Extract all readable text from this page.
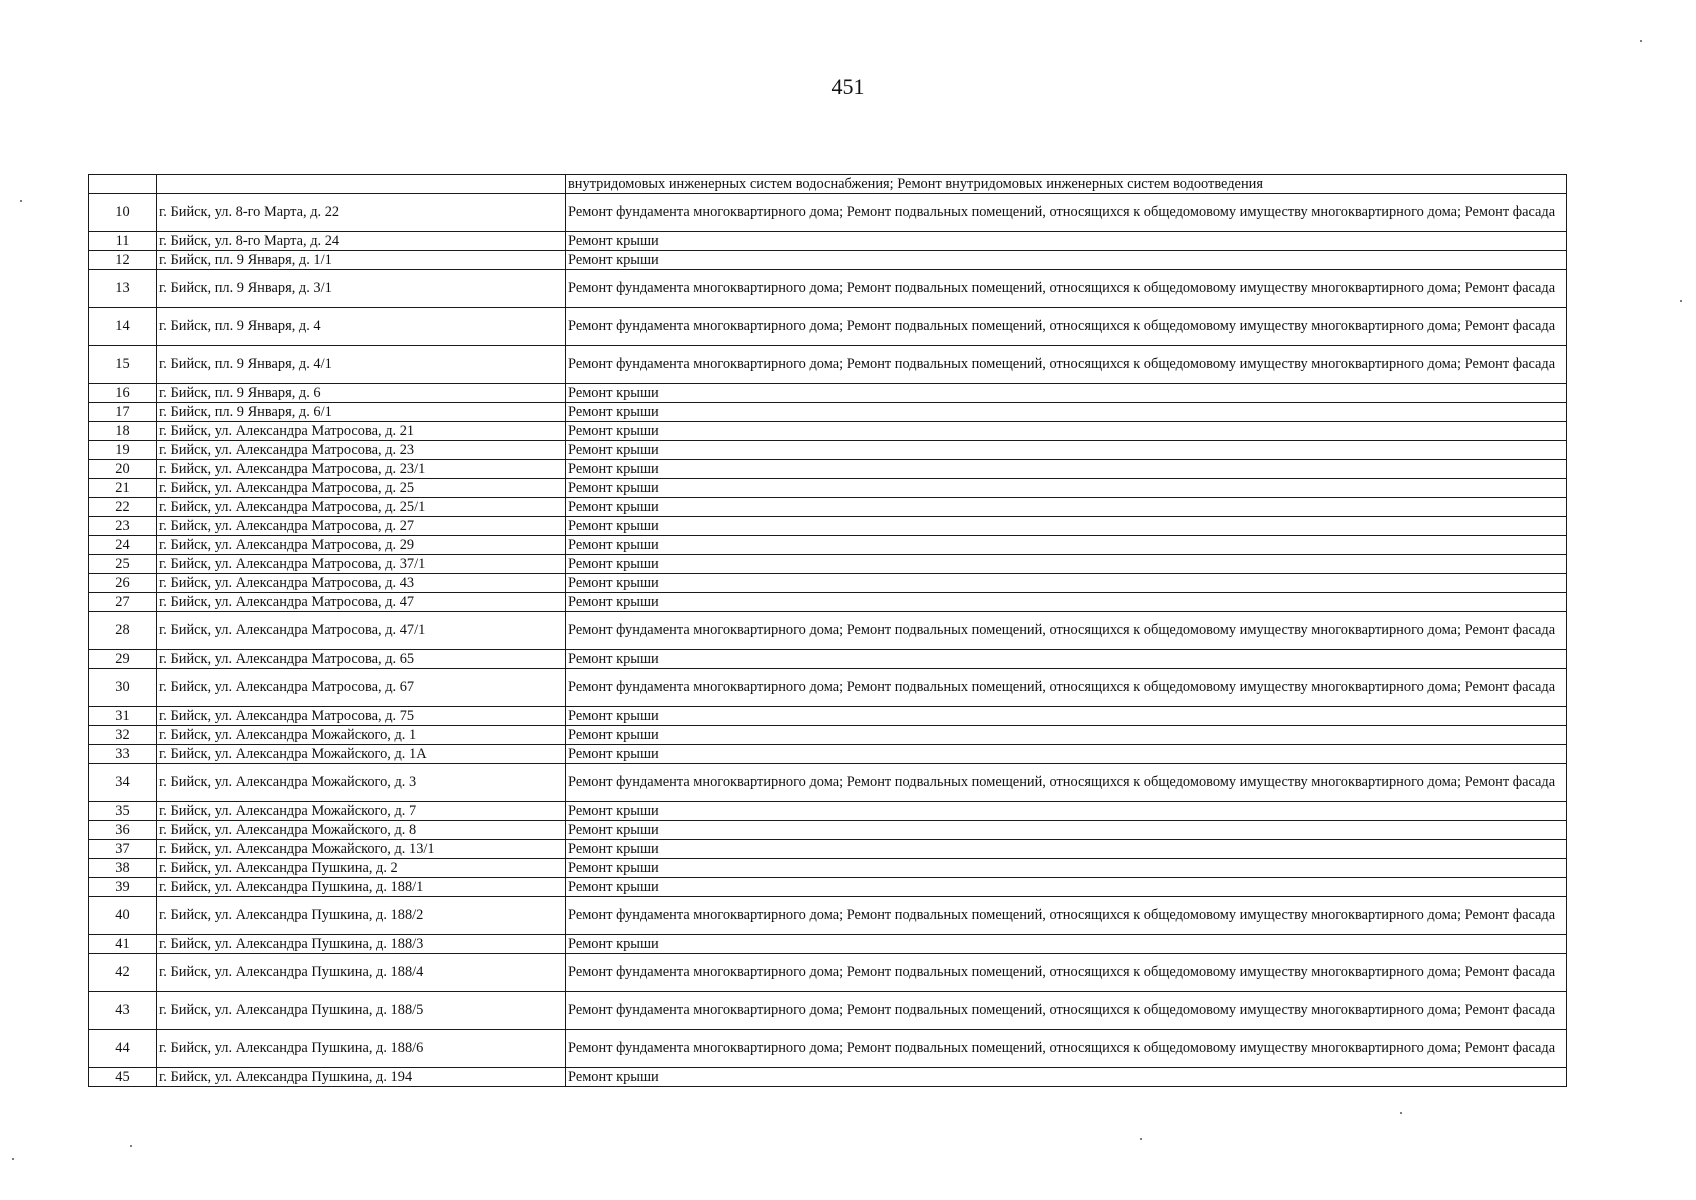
451
		внутридомовых инженерных систем водоснабжения; Ремонт внутридомовых инженерных систем водоотведения
10	г. Бийск, ул. 8-го Марта, д. 22	Ремонт фундамента многоквартирного дома; Ремонт подвальных помещений, относящихся к общедомовому имуществу многоквартирного дома; Ремонт фасада
11	г. Бийск, ул. 8-го Марта, д. 24	Ремонт крыши
12	г. Бийск, пл. 9 Января, д. 1/1	Ремонт крыши
13	г. Бийск, пл. 9 Января, д. 3/1	Ремонт фундамента многоквартирного дома; Ремонт подвальных помещений, относящихся к общедомовому имуществу многоквартирного дома; Ремонт фасада
14	г. Бийск, пл. 9 Января, д. 4	Ремонт фундамента многоквартирного дома; Ремонт подвальных помещений, относящихся к общедомовому имуществу многоквартирного дома; Ремонт фасада
15	г. Бийск, пл. 9 Января, д. 4/1	Ремонт фундамента многоквартирного дома; Ремонт подвальных помещений, относящихся к общедомовому имуществу многоквартирного дома; Ремонт фасада
16	г. Бийск, пл. 9 Января, д. 6	Ремонт крыши
17	г. Бийск, пл. 9 Января, д. 6/1	Ремонт крыши
18	г. Бийск, ул. Александра Матросова, д. 21	Ремонт крыши
19	г. Бийск, ул. Александра Матросова, д. 23	Ремонт крыши
20	г. Бийск, ул. Александра Матросова, д. 23/1	Ремонт крыши
21	г. Бийск, ул. Александра Матросова, д. 25	Ремонт крыши
22	г. Бийск, ул. Александра Матросова, д. 25/1	Ремонт крыши
23	г. Бийск, ул. Александра Матросова, д. 27	Ремонт крыши
24	г. Бийск, ул. Александра Матросова, д. 29	Ремонт крыши
25	г. Бийск, ул. Александра Матросова, д. 37/1	Ремонт крыши
26	г. Бийск, ул. Александра Матросова, д. 43	Ремонт крыши
27	г. Бийск, ул. Александра Матросова, д. 47	Ремонт крыши
28	г. Бийск, ул. Александра Матросова, д. 47/1	Ремонт фундамента многоквартирного дома; Ремонт подвальных помещений, относящихся к общедомовому имуществу многоквартирного дома; Ремонт фасада
29	г. Бийск, ул. Александра Матросова, д. 65	Ремонт крыши
30	г. Бийск, ул. Александра Матросова, д. 67	Ремонт фундамента многоквартирного дома; Ремонт подвальных помещений, относящихся к общедомовому имуществу многоквартирного дома; Ремонт фасада
31	г. Бийск, ул. Александра Матросова, д. 75	Ремонт крыши
32	г. Бийск, ул. Александра Можайского, д. 1	Ремонт крыши
33	г. Бийск, ул. Александра Можайского, д. 1А	Ремонт крыши
34	г. Бийск, ул. Александра Можайского, д. 3	Ремонт фундамента многоквартирного дома; Ремонт подвальных помещений, относящихся к общедомовому имуществу многоквартирного дома; Ремонт фасада
35	г. Бийск, ул. Александра Можайского, д. 7	Ремонт крыши
36	г. Бийск, ул. Александра Можайского, д. 8	Ремонт крыши
37	г. Бийск, ул. Александра Можайского, д. 13/1	Ремонт крыши
38	г. Бийск, ул. Александра Пушкина, д. 2	Ремонт крыши
39	г. Бийск, ул. Александра Пушкина, д. 188/1	Ремонт крыши
40	г. Бийск, ул. Александра Пушкина, д. 188/2	Ремонт фундамента многоквартирного дома; Ремонт подвальных помещений, относящихся к общедомовому имуществу многоквартирного дома; Ремонт фасада
41	г. Бийск, ул. Александра Пушкина, д. 188/3	Ремонт крыши
42	г. Бийск, ул. Александра Пушкина, д. 188/4	Ремонт фундамента многоквартирного дома; Ремонт подвальных помещений, относящихся к общедомовому имуществу многоквартирного дома; Ремонт фасада
43	г. Бийск, ул. Александра Пушкина, д. 188/5	Ремонт фундамента многоквартирного дома; Ремонт подвальных помещений, относящихся к общедомовому имуществу многоквартирного дома; Ремонт фасада
44	г. Бийск, ул. Александра Пушкина, д. 188/6	Ремонт фундамента многоквартирного дома; Ремонт подвальных помещений, относящихся к общедомовому имуществу многоквартирного дома; Ремонт фасада
45	г. Бийск, ул. Александра Пушкина, д. 194	Ремонт крыши
